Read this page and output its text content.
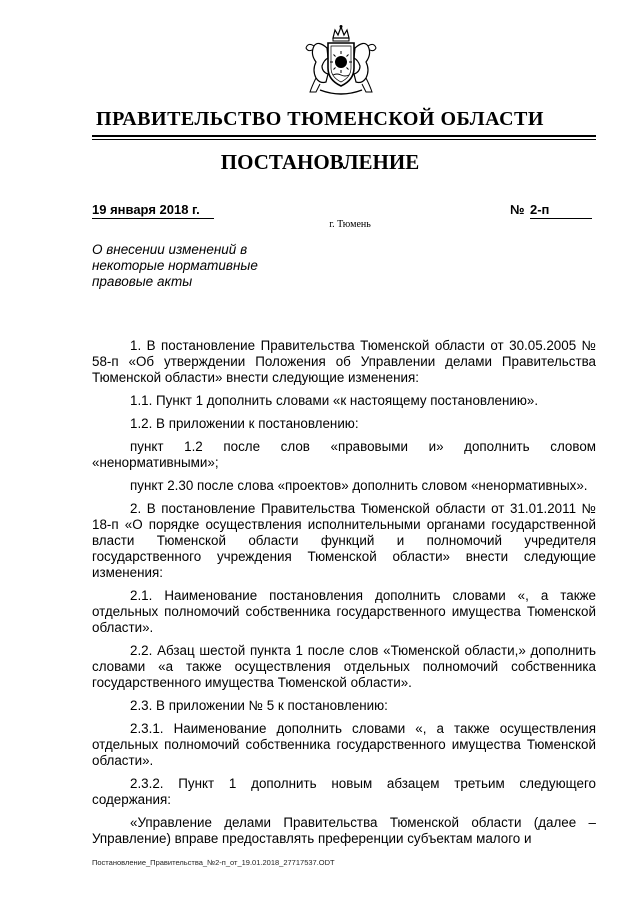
ПРАВИТЕЛЬСТВО ТЮМЕНСКОЙ ОБЛАСТИ
ПОСТАНОВЛЕНИЕ
19 января 2018 г.	№ 2-п
г. Тюмень

О внесении изменений в некоторые нормативные правовые акты

1. В постановление Правительства Тюменской области от 30.05.2005 № 58-п «Об утверждении Положения об Управлении делами Правительства Тюменской области» внести следующие изменения:

1.1. Пункт 1 дополнить словами «к настоящему постановлению».

1.2. В приложении к постановлению:

пункт 1.2 после слов «правовыми и» дополнить словом «ненормативными»;

пункт 2.30 после слова «проектов» дополнить словом «ненормативных».

2. В постановление Правительства Тюменской области от 31.01.2011 № 18-п «О порядке осуществления исполнительными органами государственной власти Тюменской области функций и полномочий учредителя государственного учреждения Тюменской области» внести следующие изменения:

2.1. Наименование постановления дополнить словами «, а также отдельных полномочий собственника государственного имущества Тюменской области».

2.2. Абзац шестой пункта 1 после слов «Тюменской области,» дополнить словами «а также осуществления отдельных полномочий собственника государственного имущества Тюменской области».

2.3. В приложении № 5 к постановлению:

2.3.1. Наименование дополнить словами «, а также осуществления отдельных полномочий собственника государственного имущества Тюменской области».

2.3.2. Пункт 1 дополнить новым абзацем третьим следующего содержания:

«Управление делами Правительства Тюменской области (далее – Управление) вправе предоставлять преференции субъектам малого и

Постановление_Правительства_№2-п_от_19.01.2018_27717537.ODT
